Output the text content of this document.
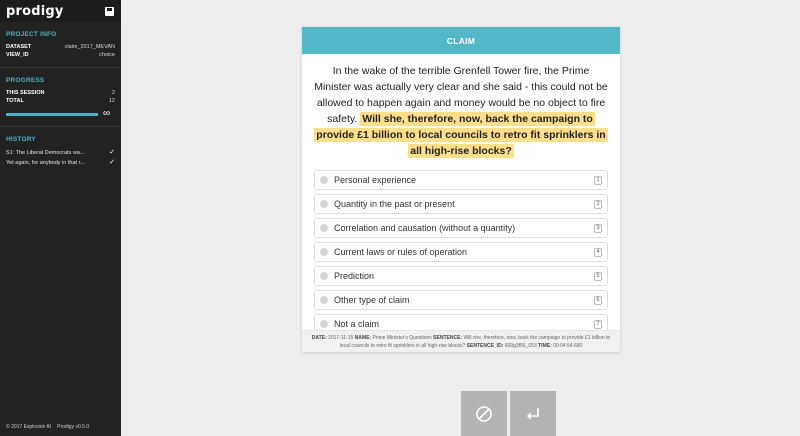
prodigy
PROJECT INFO
DATASET	claim_2017_MEVAN
VIEW_ID	choice
PROGRESS
THIS SESSION	2
TOTAL	12
∞
HISTORY
S1: The Liberal Democrats wa...	✓
Yet again, for anybody in that r...	✓
© 2017 Explosion AI Prodigy v0.5.0
CLAIM
In the wake of the terrible Grenfell Tower fire, the Prime Minister was actually very clear and she said - this could not be allowed to happen again and money would be no object to fire safety. Will she, therefore, now, back the campaign to provide £1 billion to local councils to retro fit sprinklers in all high-rise blocks?
Personal experience	1
Quantity in the past or present	2
Correlation and causation (without a quantity)	3
Current laws or rules of operation	4
Prediction	5
Other type of claim	6
Not a claim	7
DATE: 2017-11-15 NAME: Prime Minister's Questions SENTENCE: Will she, therefore, now, back the campaign to provide £1 billion to local councils to retro fit sprinklers in all high-rise blocks? SENTENCE_ID: 609g3f56_053 TIME: 00:04:54.680
